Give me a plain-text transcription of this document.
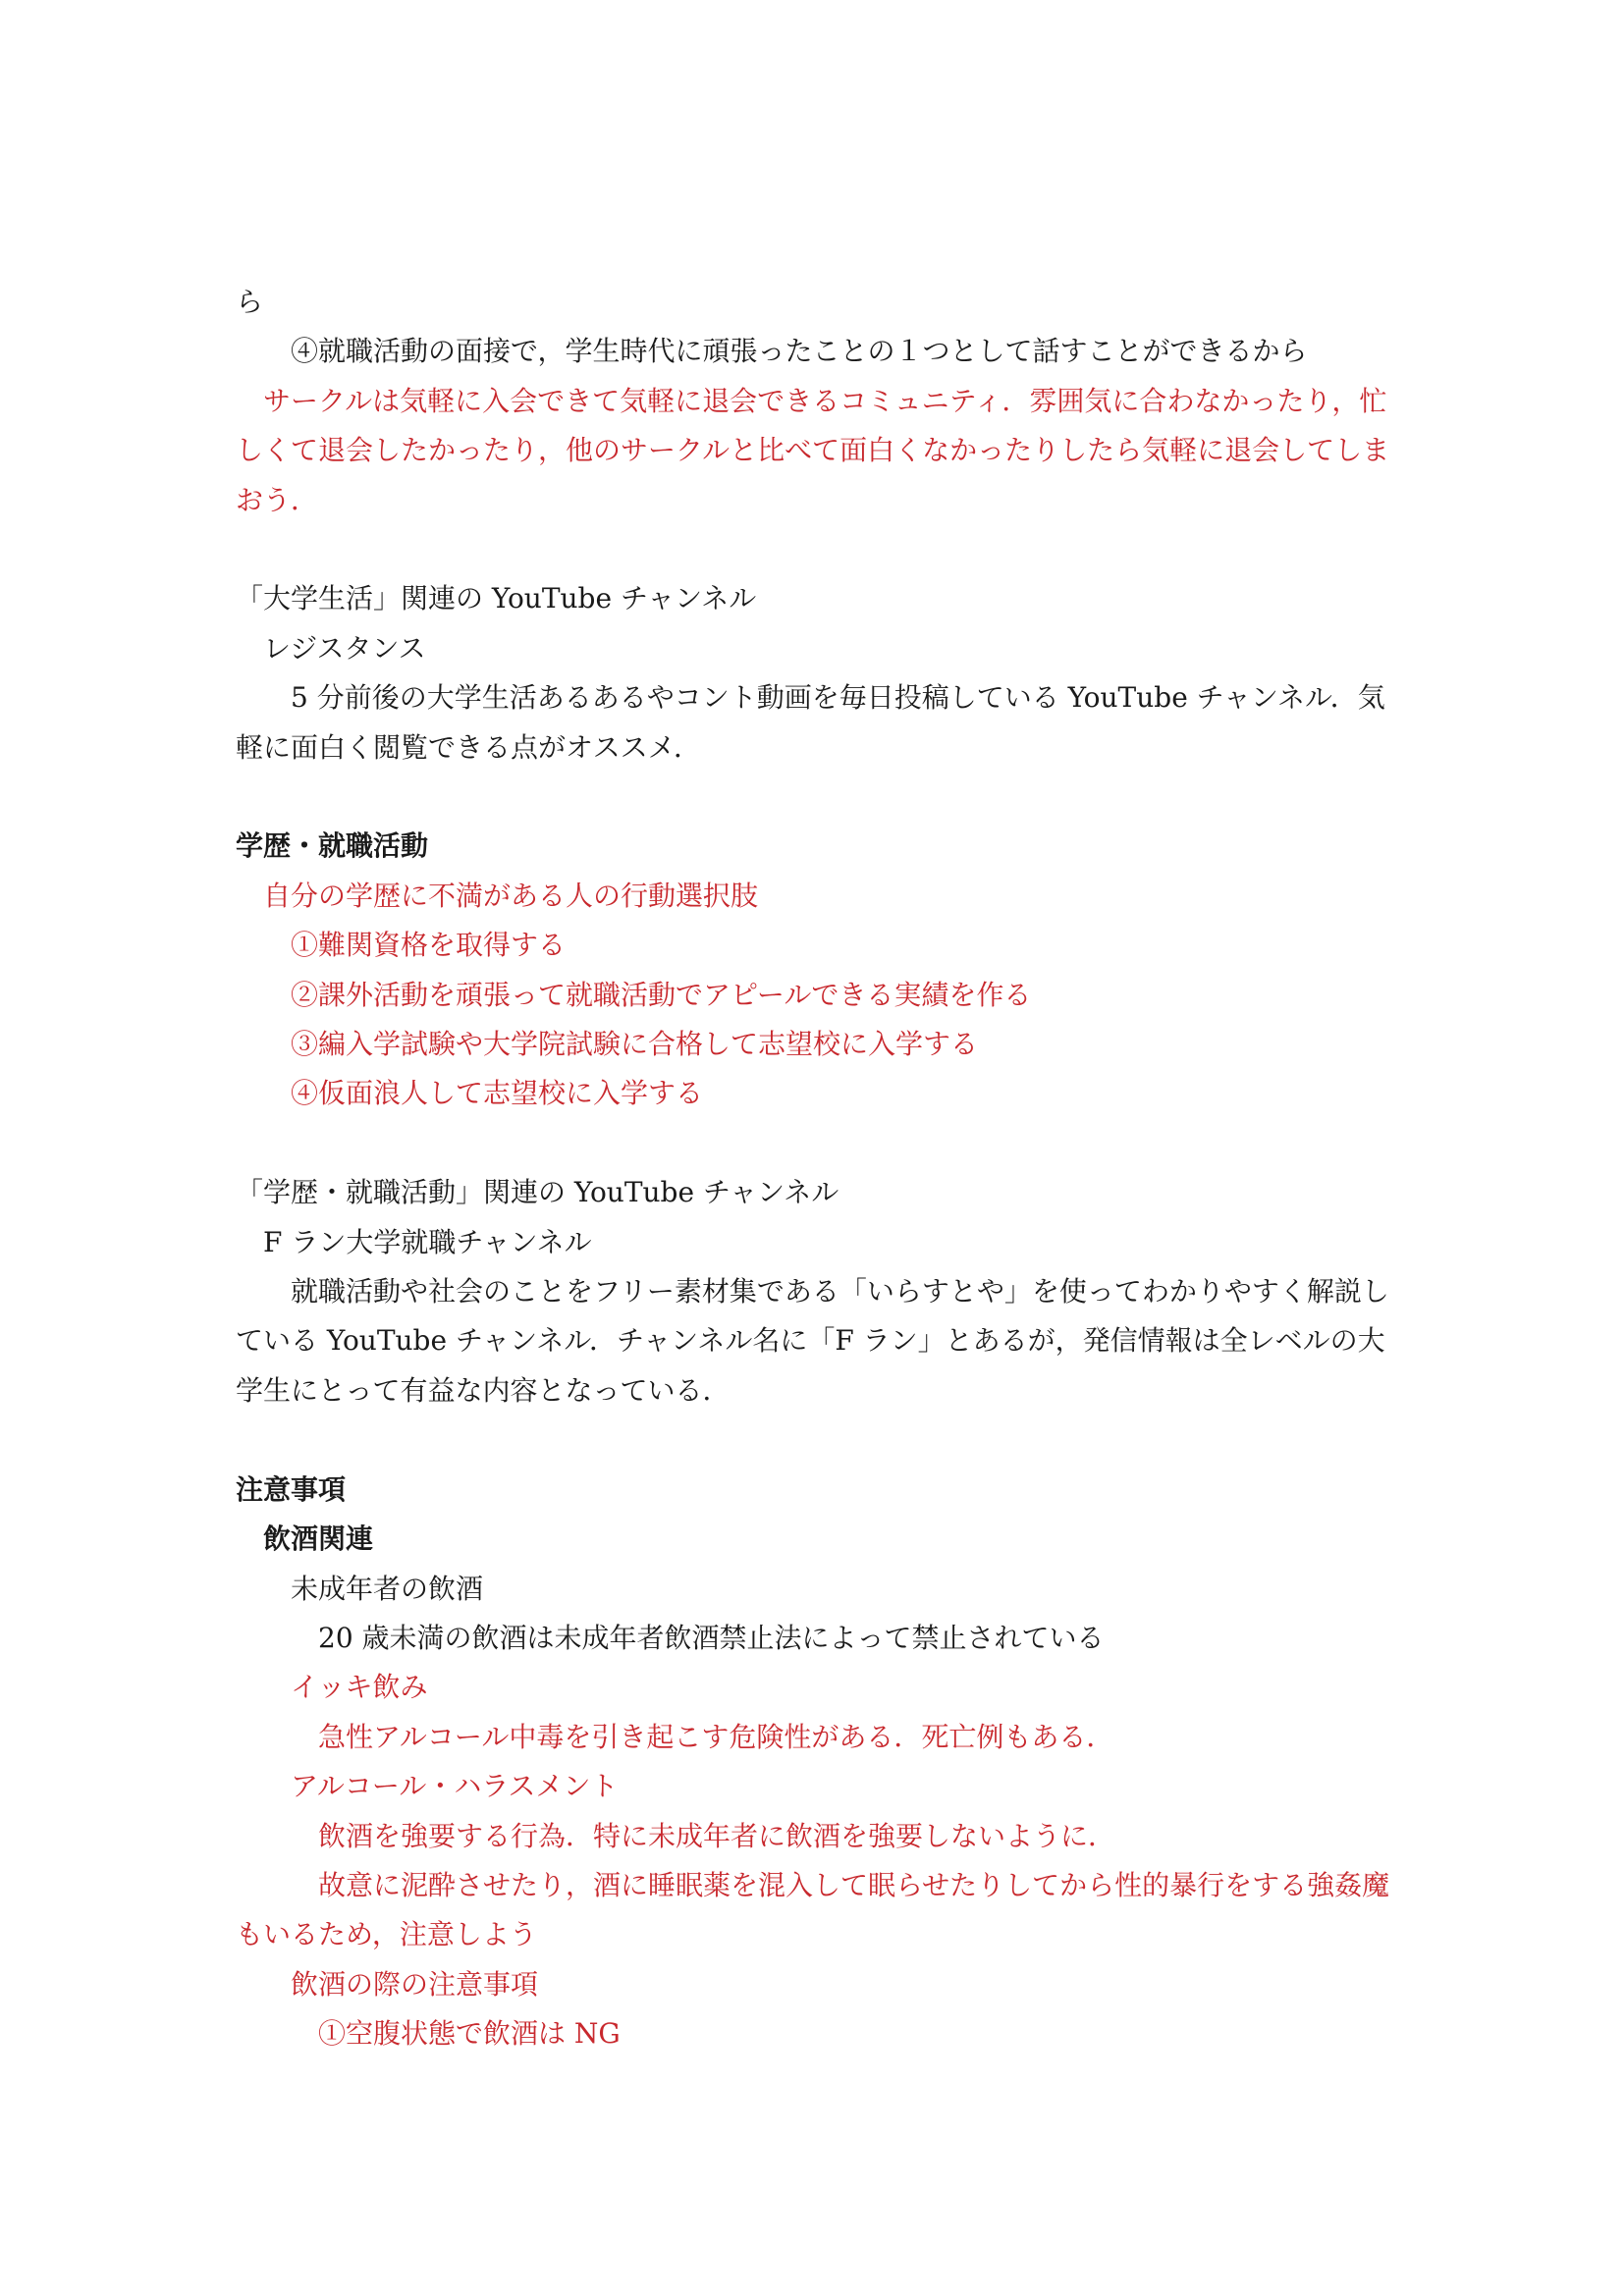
ら
④就職活動の面接で，学生時代に頑張ったことの１つとして話すことができるから
サークルは気軽に入会できて気軽に退会できるコミュニティ．雰囲気に合わなかったり，忙しくて退会したかったり，他のサークルと比べて面白くなかったりしたら気軽に退会してしまおう．
「大学生活」関連の YouTube チャンネル
レジスタンス
5 分前後の大学生活あるあるやコント動画を毎日投稿している YouTube チャンネル．気軽に面白く閲覧できる点がオススメ．
学歴・就職活動
自分の学歴に不満がある人の行動選択肢
①難関資格を取得する
②課外活動を頑張って就職活動でアピールできる実績を作る
③編入学試験や大学院試験に合格して志望校に入学する
④仮面浪人して志望校に入学する
「学歴・就職活動」関連の YouTube チャンネル
F ラン大学就職チャンネル
就職活動や社会のことをフリー素材集である「いらすとや」を使ってわかりやすく解説している YouTube チャンネル．チャンネル名に「F ラン」とあるが，発信情報は全レベルの大学生にとって有益な内容となっている．
注意事項
飲酒関連
未成年者の飲酒
20 歳未満の飲酒は未成年者飲酒禁止法によって禁止されている
イッキ飲み
急性アルコール中毒を引き起こす危険性がある．死亡例もある．
アルコール・ハラスメント
飲酒を強要する行為．特に未成年者に飲酒を強要しないように．
故意に泥酔させたり，酒に睡眠薬を混入して眠らせたりしてから性的暴行をする強姦魔もいるため，注意しよう
飲酒の際の注意事項
①空腹状態で飲酒は NG
